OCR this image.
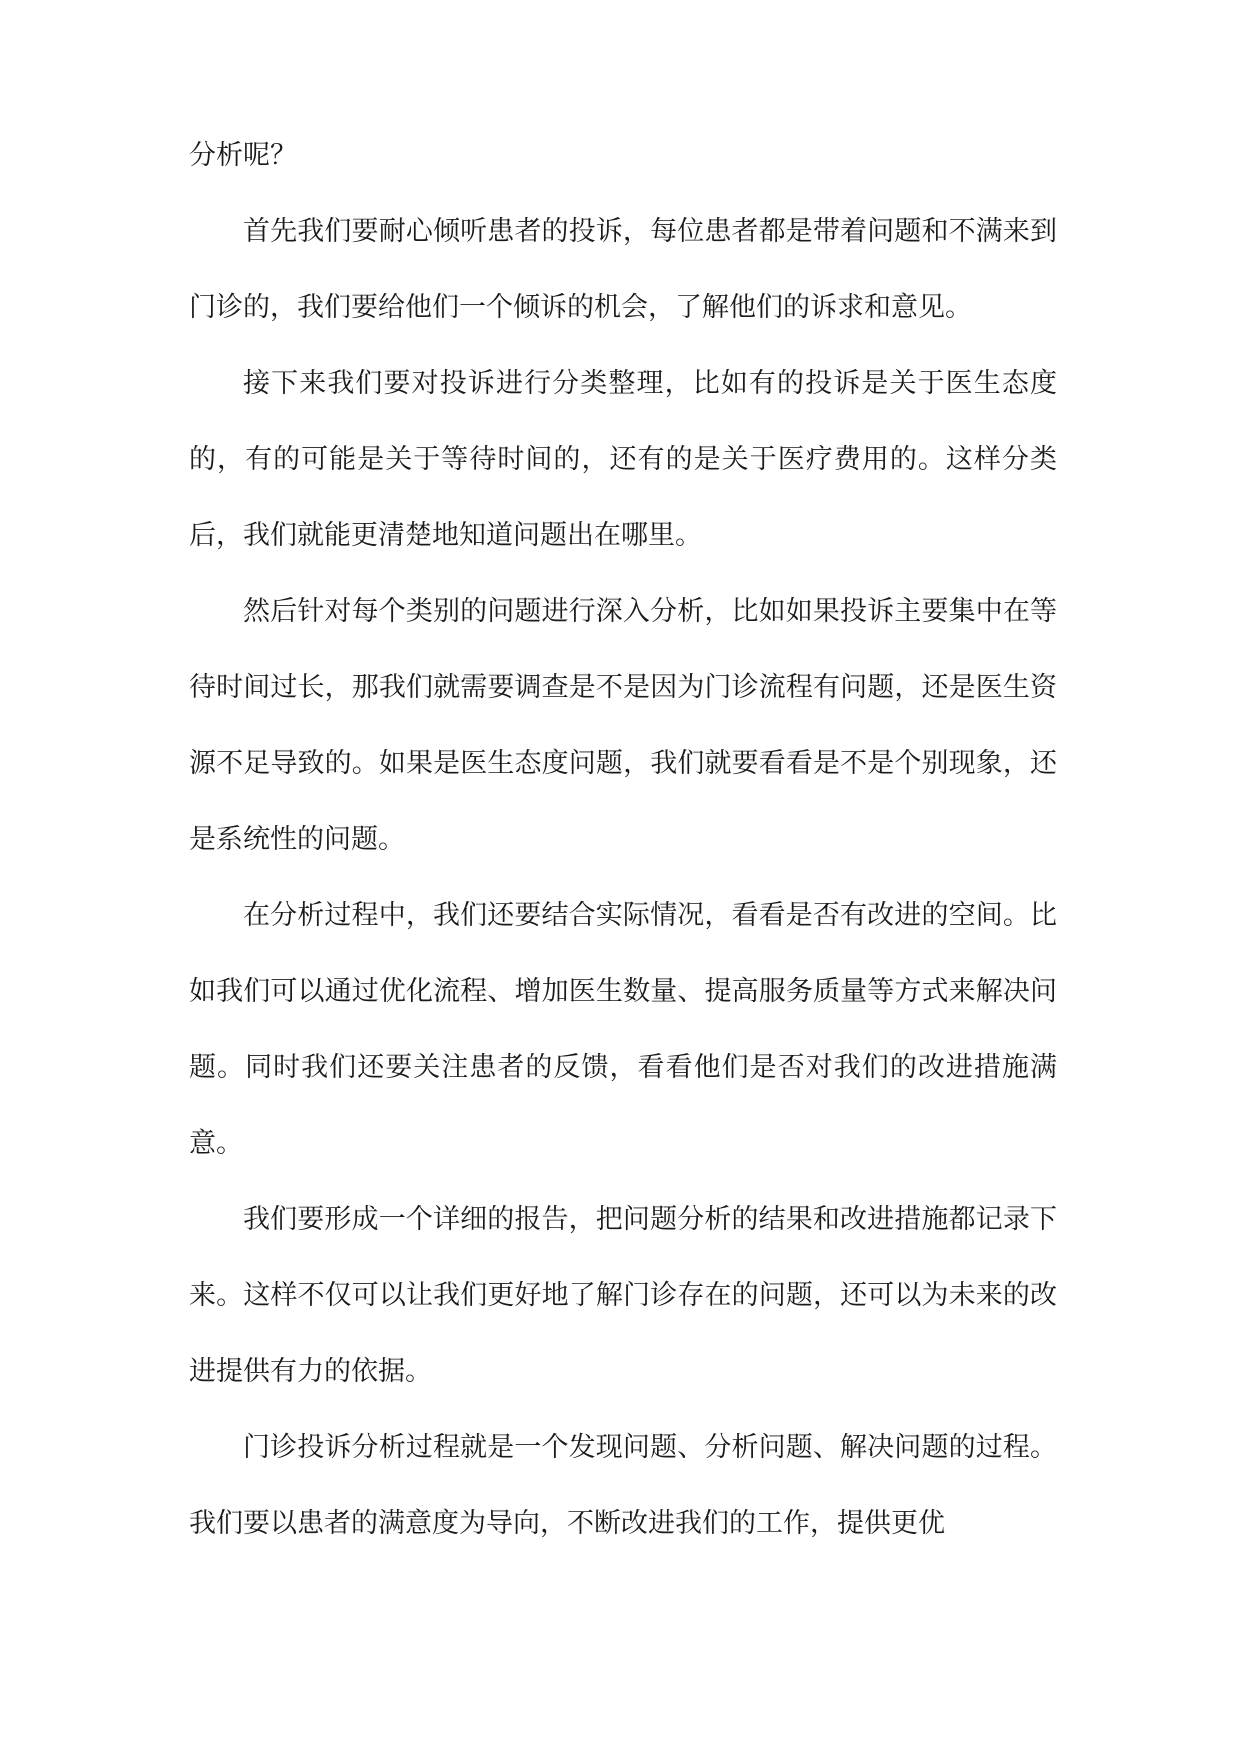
分析呢？

首先我们要耐心倾听患者的投诉，每位患者都是带着问题和不满来到门诊的，我们要给他们一个倾诉的机会，了解他们的诉求和意见。

接下来我们要对投诉进行分类整理，比如有的投诉是关于医生态度的，有的可能是关于等待时间的，还有的是关于医疗费用的。这样分类后，我们就能更清楚地知道问题出在哪里。

然后针对每个类别的问题进行深入分析，比如如果投诉主要集中在等待时间过长，那我们就需要调查是不是因为门诊流程有问题，还是医生资源不足导致的。如果是医生态度问题，我们就要看看是不是个别现象，还是系统性的问题。

在分析过程中，我们还要结合实际情况，看看是否有改进的空间。比如我们可以通过优化流程、增加医生数量、提高服务质量等方式来解决问题。同时我们还要关注患者的反馈，看看他们是否对我们的改进措施满意。

我们要形成一个详细的报告，把问题分析的结果和改进措施都记录下来。这样不仅可以让我们更好地了解门诊存在的问题，还可以为未来的改进提供有力的依据。

门诊投诉分析过程就是一个发现问题、分析问题、解决问题的过程。我们要以患者的满意度为导向，不断改进我们的工作，提供更优
